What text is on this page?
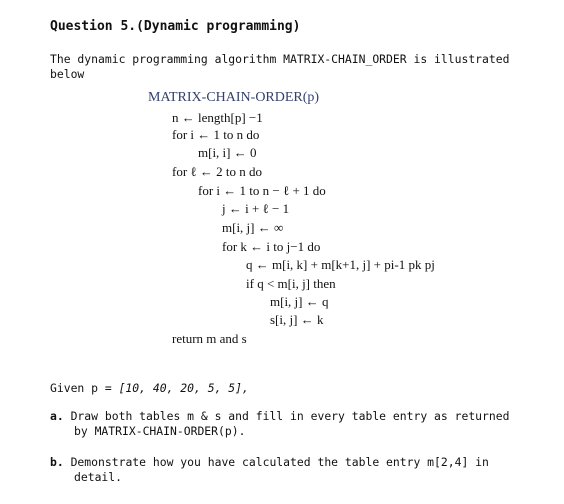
Question 5.(Dynamic programming)
The dynamic programming algorithm MATRIX-CHAIN_ORDER is illustrated below
MATRIX-CHAIN-ORDER(p)
n ← length[p] −1
for i ← 1 to n do
m[i, i] ← 0
for ℓ ← 2 to n do
for i ← 1 to n − ℓ + 1 do
j ← i + ℓ − 1
m[i, j] ← ∞
for k ← i to j−1 do
q ← m[i, k] + m[k+1, j] + pi-1 pk pj
if q < m[i, j] then
m[i, j] ← q
s[i, j] ← k
return m and s
Given p = [10, 40, 20, 5, 5],
a. Draw both tables m & s and fill in every table entry as returned
by MATRIX-CHAIN-ORDER(p).
b. Demonstrate how you have calculated the table entry m[2,4] in
detail.
